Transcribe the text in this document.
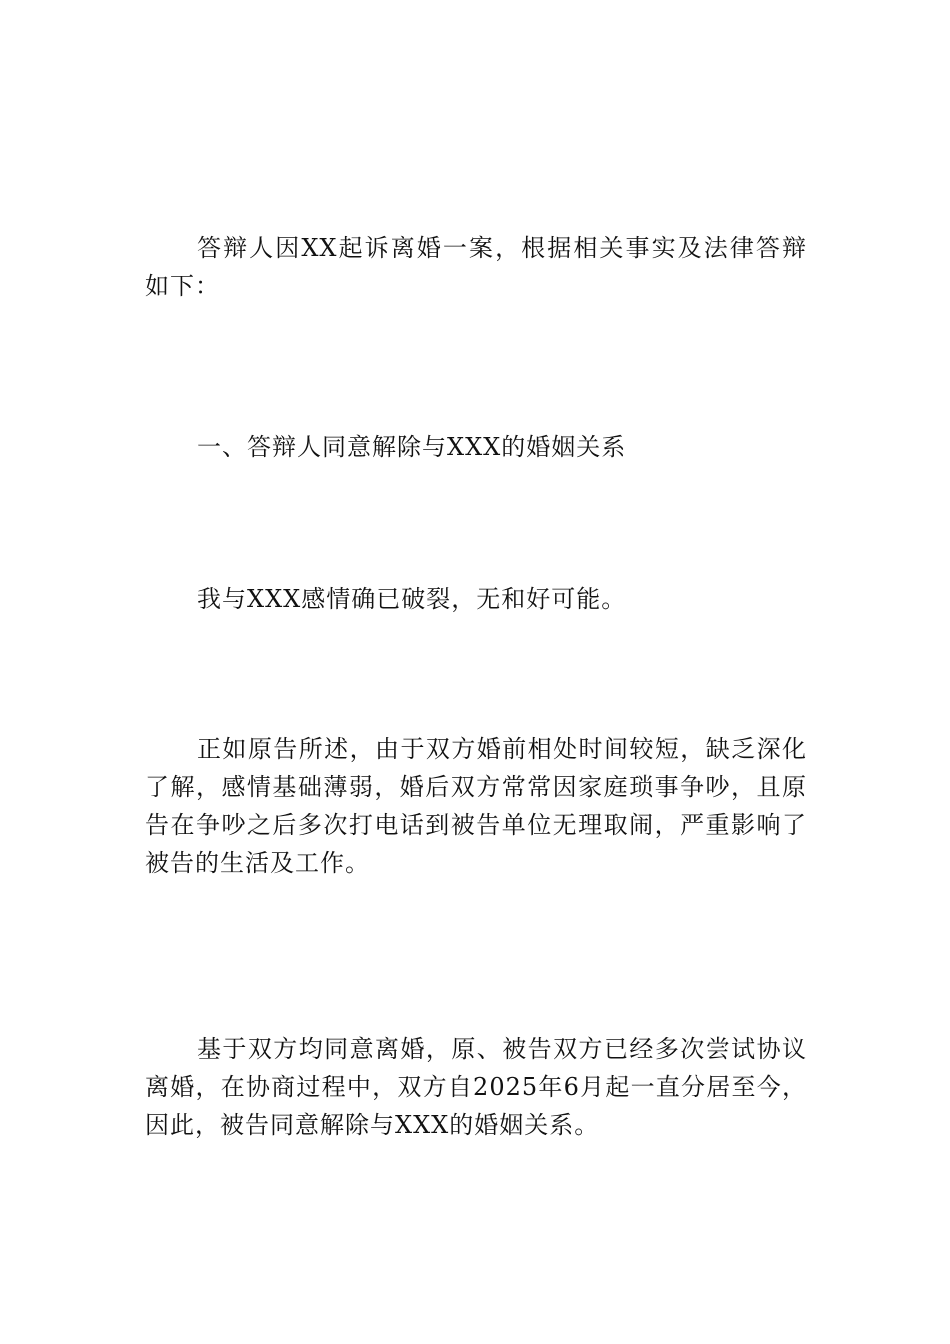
答辩人因XX起诉离婚一案，根据相关事实及法律答辩如下：

一、答辩人同意解除与XXX的婚姻关系

我与XXX感情确已破裂，无和好可能。

正如原告所述，由于双方婚前相处时间较短，缺乏深化了解，感情基础薄弱，婚后双方常常因家庭琐事争吵，且原告在争吵之后多次打电话到被告单位无理取闹，严重影响了被告的生活及工作。

基于双方均同意离婚，原、被告双方已经多次尝试协议离婚，在协商过程中，双方自2025年6月起一直分居至今，因此，被告同意解除与XXX的婚姻关系。
